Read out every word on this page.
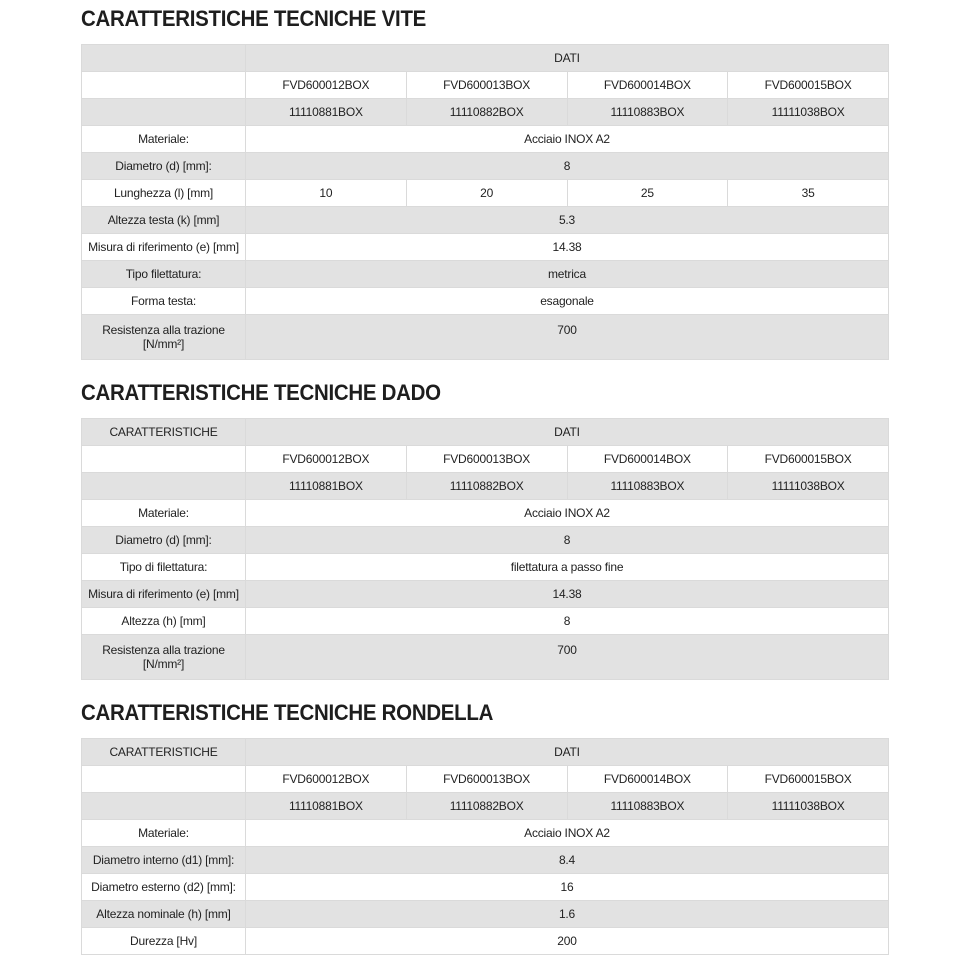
CARATTERISTICHE TECNICHE VITE
	DATI			
	FVD600012BOX	FVD600013BOX	FVD600014BOX	FVD600015BOX
	11110881BOX	11110882BOX	11110883BOX	11111038BOX
Materiale:	Acciaio INOX A2			
Diametro (d) [mm]:	8			
Lunghezza (l) [mm]	10	20	25	35
Altezza testa (k) [mm]	5.3			
Misura di riferimento (e) [mm]	14.38			
Tipo filettatura:	metrica			
Forma testa:	esagonale			
Resistenza alla trazione
[N/mm²]	700			
CARATTERISTICHE TECNICHE DADO
CARATTERISTICHE	DATI			
	FVD600012BOX	FVD600013BOX	FVD600014BOX	FVD600015BOX
	11110881BOX	11110882BOX	11110883BOX	11111038BOX
Materiale:	Acciaio INOX A2			
Diametro (d) [mm]:	8			
Tipo di filettatura:	filettatura a passo fine			
Misura di riferimento (e) [mm]	14.38			
Altezza (h) [mm]	8			
Resistenza alla trazione
[N/mm²]	700			
CARATTERISTICHE TECNICHE RONDELLA
CARATTERISTICHE	DATI			
	FVD600012BOX	FVD600013BOX	FVD600014BOX	FVD600015BOX
	11110881BOX	11110882BOX	11110883BOX	11111038BOX
Materiale:	Acciaio INOX A2			
Diametro interno (d1) [mm]:	8.4			
Diametro esterno (d2) [mm]:	16			
Altezza nominale (h) [mm]	1.6			
Durezza [Hv]	200			
